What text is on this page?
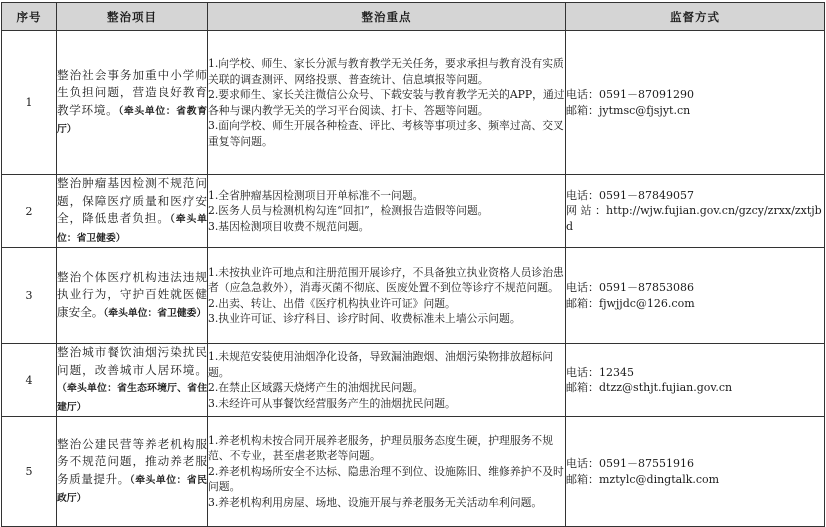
序号	整治项目	整治重点	监督方式
1	整治社会事务加重中小学师生负担问题，营造良好教育教学环境。（牵头单位：省教育厅）	1.向学校、师生、家长分派与教育教学无关任务，要求承担与教育没有实质关联的调查测评、网络投票、普查统计、信息填报等问题。
2.要求师生、家长关注微信公众号、下载安装与教育教学无关的APP，通过各种与课内教学无关的学习平台阅读、打卡、答题等问题。
3.面向学校、师生开展各种检查、评比、考核等事项过多、频率过高、交叉重复等问题。	电话：0591－87091290
邮箱：jytmsc@fjsjyt.cn

2	整治肿瘤基因检测不规范问题，保障医疗质量和医疗安全，降低患者负担。（牵头单位：省卫健委）	1.全省肿瘤基因检测项目开单标准不一问题。
2.医务人员与检测机构勾连“回扣”，检测报告造假等问题。
3.基因检测项目收费不规范问题。	电话：0591－87849057
网 站 ：http://wjw.fujian.gov.cn/gzcy/zrxx/zxtjbd

3	整治个体医疗机构违法违规执业行为，守护百姓就医健康安全。（牵头单位：省卫健委）	1.未按执业许可地点和注册范围开展诊疗，不具备独立执业资格人员诊治患者（应急急救外），消毒灭菌不彻底、医废处置不到位等诊疗不规范问题。
2.出卖、转让、出借《医疗机构执业许可证》问题。
3.执业许可证、诊疗科目、诊疗时间、收费标准未上墙公示问题。	电话：0591－87853086
邮箱：fjwjjdc@126.com

4	整治城市餐饮油烟污染扰民问题，改善城市人居环境。（牵头单位：省生态环境厅、省住建厅）	1.未规范安装使用油烟净化设备，导致漏油跑烟、油烟污染物排放超标问题。
2.在禁止区域露天烧烤产生的油烟扰民问题。
3.未经许可从事餐饮经营服务产生的油烟扰民问题。	电话：12345
邮箱：dtzz@sthjt.fujian.gov.cn

5	整治公建民营等养老机构服务不规范问题，推动养老服务质量提升。（牵头单位：省民政厅）	1.养老机构未按合同开展养老服务，护理员服务态度生硬，护理服务不规范、不专业，甚至虐老欺老等问题。
2.养老机构场所安全不达标、隐患治理不到位、设施陈旧、维修养护不及时问题。
3.养老机构利用房屋、场地、设施开展与养老服务无关活动牟利问题。	电话：0591－87551916
邮箱：mztylc@dingtalk.com
